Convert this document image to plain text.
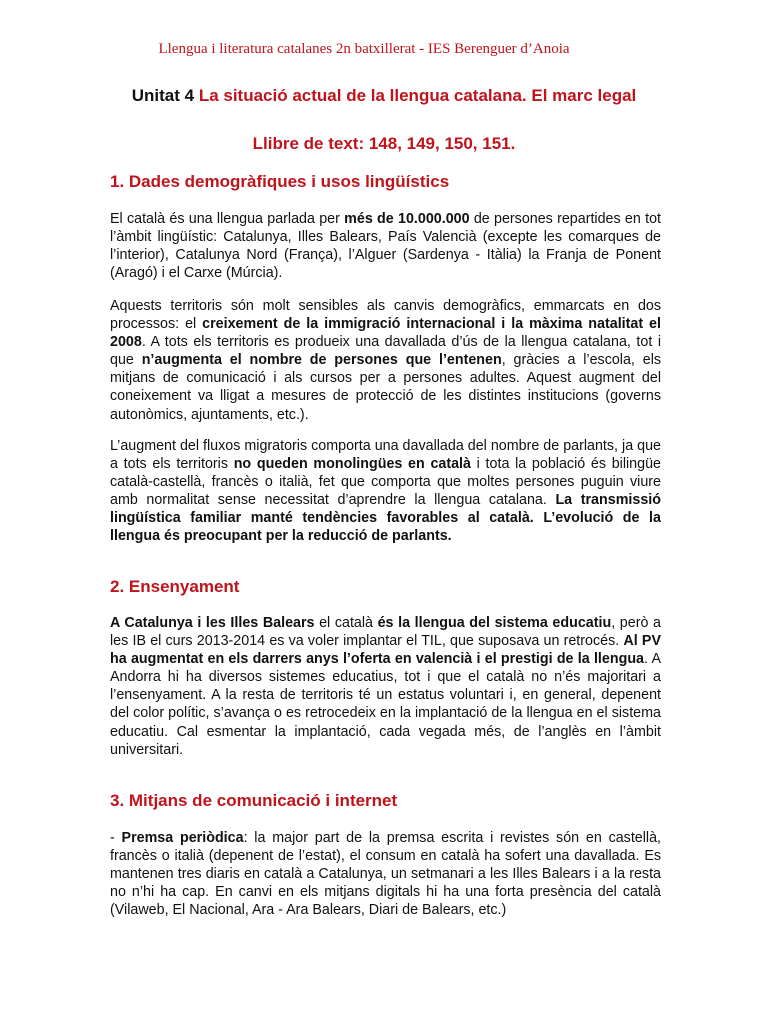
Llengua i literatura catalanes 2n batxillerat - IES Berenguer d’Anoia
Unitat 4 La situació actual de la llengua catalana. El marc legal
Llibre de text: 148, 149, 150, 151.
1. Dades demogràfiques i usos lingüístics

El català és una llengua parlada per més de 10.000.000 de persones repartides en tot l’àmbit lingüístic: Catalunya, Illes Balears, País Valencià (excepte les comarques de l’interior), Catalunya Nord (França), l’Alguer (Sardenya - Itàlia) la Franja de Ponent (Aragó) i el Carxe (Múrcia).

Aquests territoris són molt sensibles als canvis demogràfics, emmarcats en dos processos: el creixement de la immigració internacional i la màxima natalitat el 2008. A tots els territoris es produeix una davallada d’ús de la llengua catalana, tot i que n’augmenta el nombre de persones que l’entenen, gràcies a l’escola, els mitjans de comunicació i als cursos per a persones adultes. Aquest augment del coneixement va lligat a mesures de protecció de les distintes institucions (governs autonòmics, ajuntaments, etc.).

L’augment del fluxos migratoris comporta una davallada del nombre de parlants, ja que a tots els territoris no queden monolingües en català i tota la població és bilingüe català-castellà, francès o italià, fet que comporta que moltes persones puguin viure amb normalitat sense necessitat d’aprendre la llengua catalana. La transmissió lingüística familiar manté tendències favorables al català. L’evolució de la llengua és preocupant per la reducció de parlants.

2. Ensenyament

A Catalunya i les Illes Balears el català és la llengua del sistema educatiu, però a les IB el curs 2013-2014 es va voler implantar el TIL, que suposava un retrocés. Al PV ha augmentat en els darrers anys l’oferta en valencià i el prestigi de la llengua. A Andorra hi ha diversos sistemes educatius, tot i que el català no n’és majoritari a l’ensenyament. A la resta de territoris té un estatus voluntari i, en general, depenent del color polític, s’avança o es retrocedeix en la implantació de la llengua en el sistema educatiu. Cal esmentar la implantació, cada vegada més, de l’anglès en l’àmbit universitari.

3. Mitjans de comunicació i internet

- Premsa periòdica: la major part de la premsa escrita i revistes són en castellà, francès o italià (depenent de l’estat), el consum en català ha sofert una davallada. Es mantenen tres diaris en català a Catalunya, un setmanari a les Illes Balears i a la resta no n’hi ha cap. En canvi en els mitjans digitals hi ha una forta presència del català (Vilaweb, El Nacional, Ara - Ara Balears, Diari de Balears, etc.)
